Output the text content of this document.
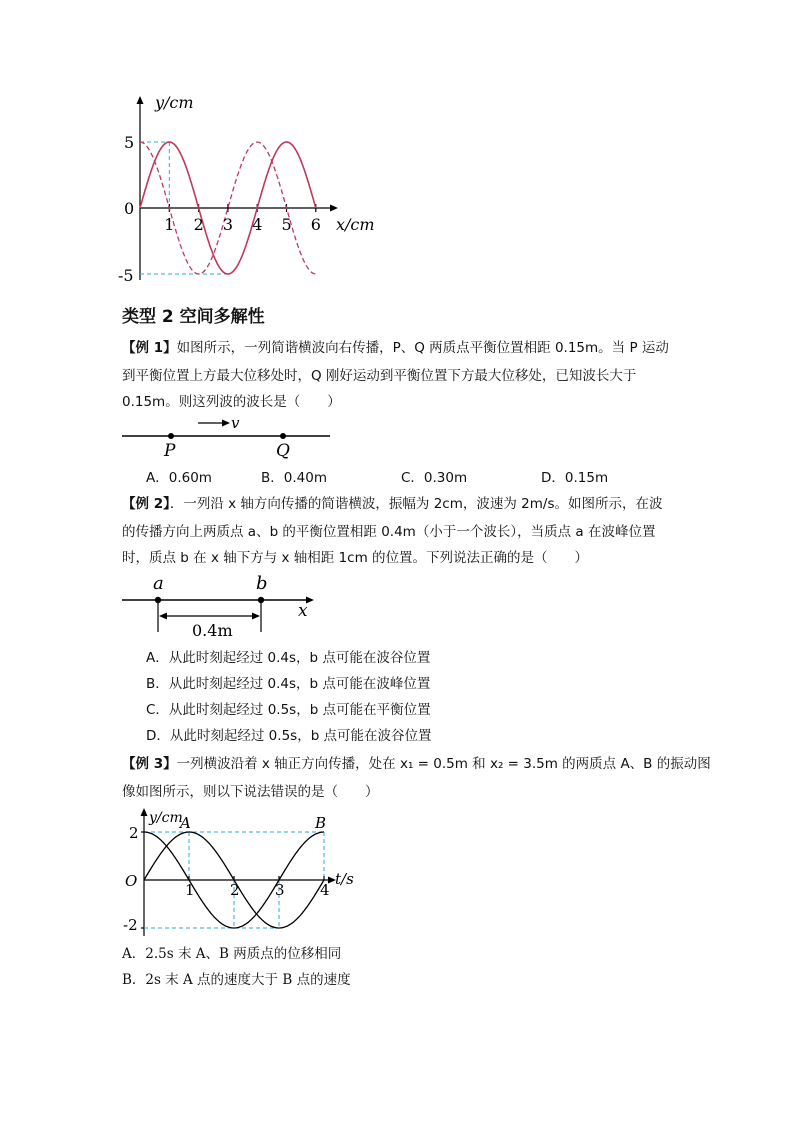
y/cm
x/cm
5
0
-5
1 2 3 4 5 6
类型 2 空间多解性
【例 1】如图所示，一列简谐横波向右传播，P、Q 两质点平衡位置相距 0.15m。当 P 运动
到平衡位置上方最大位移处时，Q 刚好运动到平衡位置下方最大位移处，已知波长大于
0.15m。则这列波的波长是（　　）
v
P	Q
A．0.60m	B．0.40m	C．0.30m	D．0.15m
【例 2】．一列沿 x 轴方向传播的简谐横波，振幅为 2cm，波速为 2m/s。如图所示，在波
的传播方向上两质点 a、b 的平衡位置相距 0.4m（小于一个波长），当质点 a 在波峰位置
时，质点 b 在 x 轴下方与 x 轴相距 1cm 的位置。下列说法正确的是（　　）
x
a	b
0.4m
A．从此时刻起经过 0.4s，b 点可能在波谷位置
B．从此时刻起经过 0.4s，b 点可能在波峰位置
C．从此时刻起经过 0.5s，b 点可能在平衡位置
D．从此时刻起经过 0.5s，b 点可能在波谷位置
【例 3】一列横波沿着 x 轴正方向传播，处在 x₁ = 0.5m 和 x₂ = 3.5m 的两质点 A、B 的振动图
像如图所示，则以下说法错误的是（　　）
y/cm
t/s
O
2
-2
A	B
1 2 3 4
A．2.5s 末 A、B 两质点的位移相同
B．2s 末 A 点的速度大于 B 点的速度
